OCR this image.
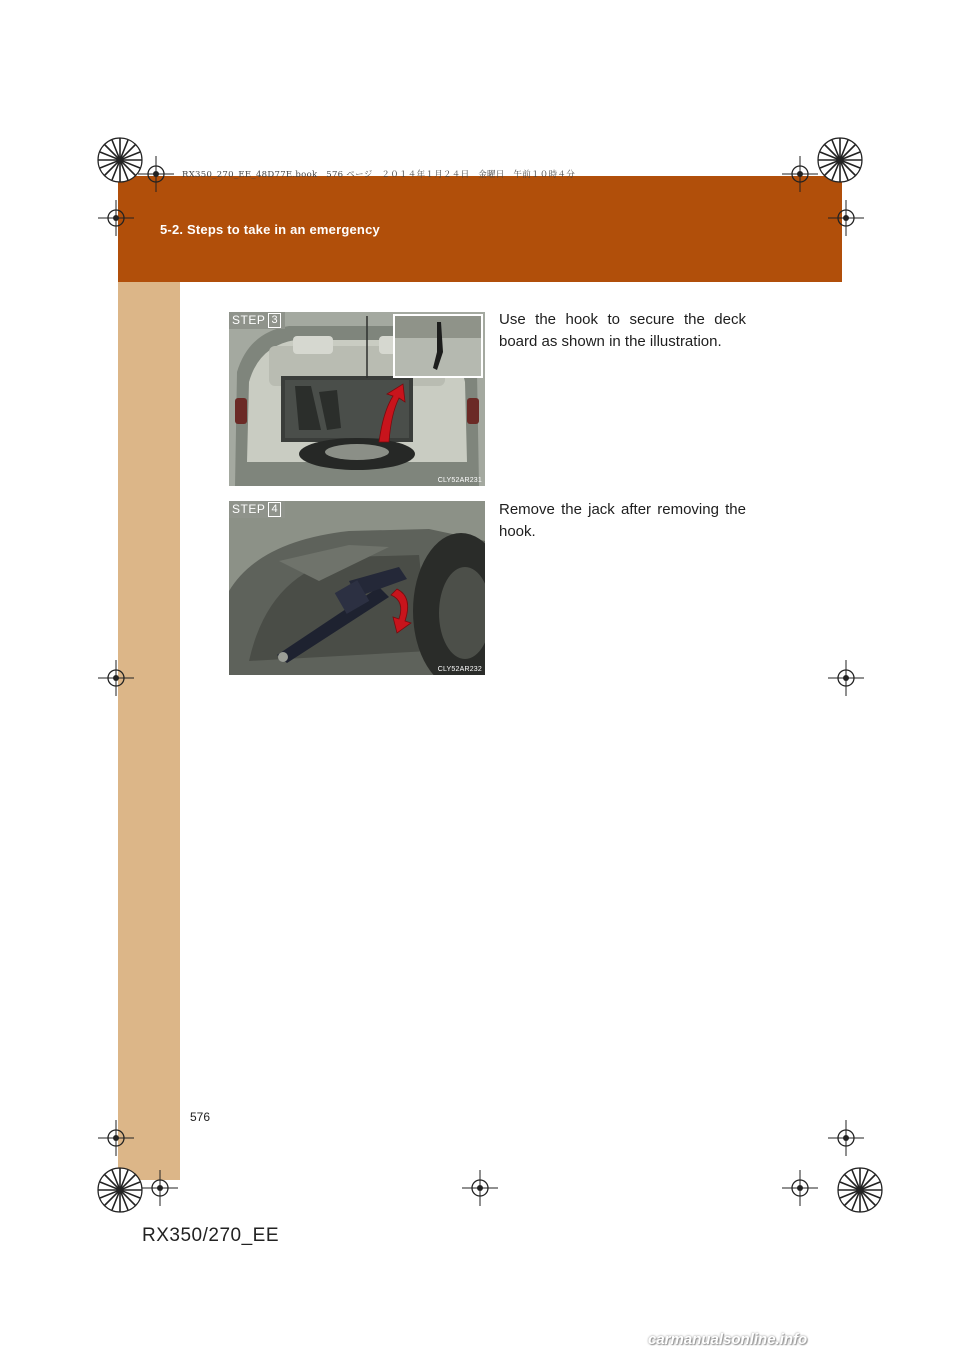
5-2. Steps to take in an emergency
RX350_270_EE_48D77E.book　576 ページ　２０１４年１月２４日　金曜日　午前１０時４分
STEP 3
CLY52AR231
Use the hook to secure the deck board as shown in the illustration.
STEP 4
CLY52AR232
Remove the jack after removing the hook.
576
RX350/270_EE
carmanualsonline.info
